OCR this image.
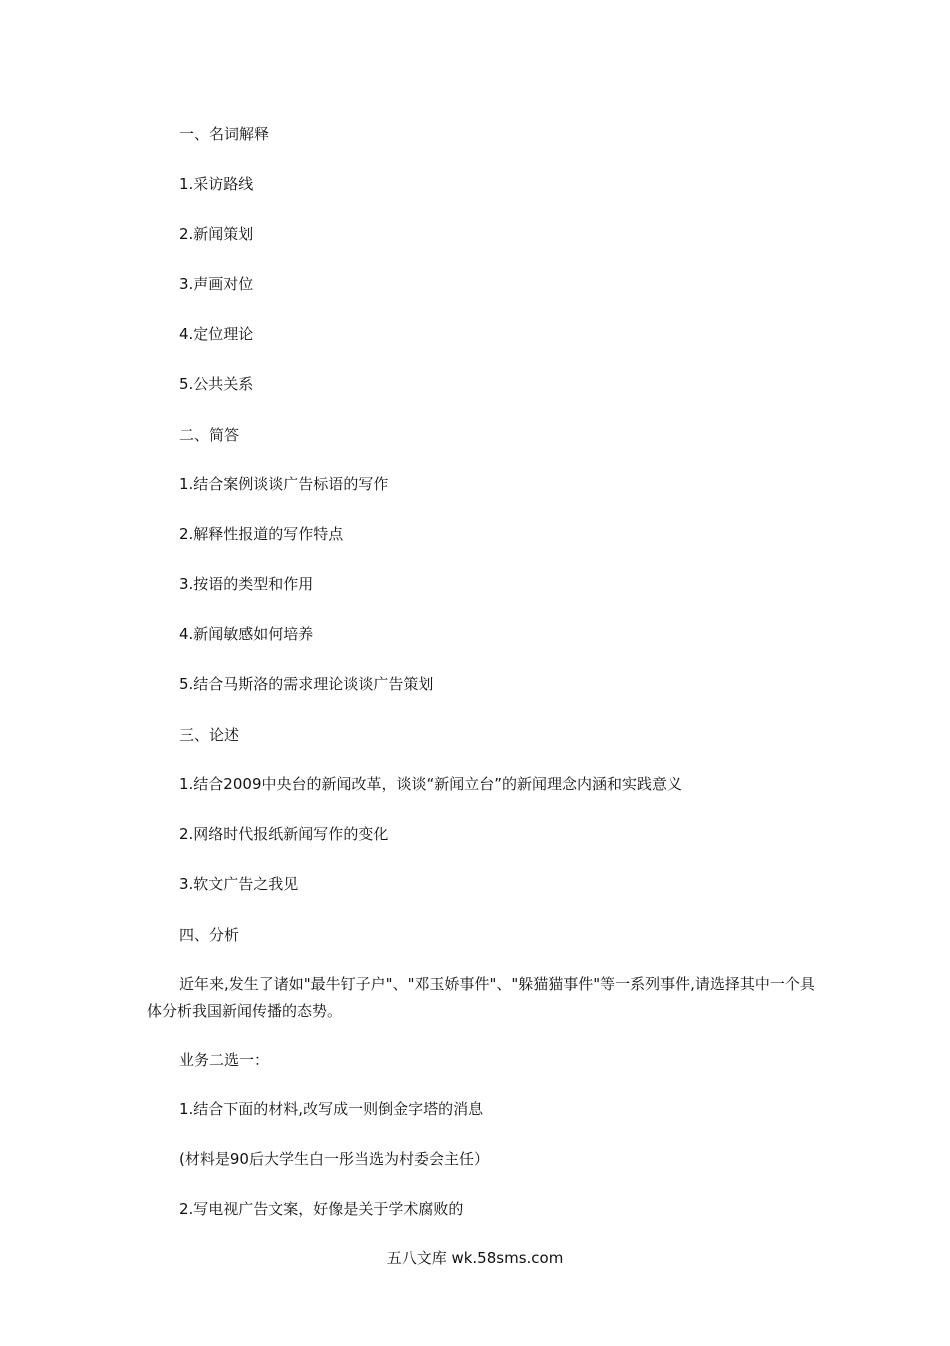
一、名词解释
1.采访路线
2.新闻策划
3.声画对位
4.定位理论
5.公共关系
二、简答
1.结合案例谈谈广告标语的写作
2.解释性报道的写作特点
3.按语的类型和作用
4.新闻敏感如何培养
5.结合马斯洛的需求理论谈谈广告策划
三、论述
1.结合2009中央台的新闻改革，谈谈“新闻立台”的新闻理念内涵和实践意义
2.网络时代报纸新闻写作的变化
3.软文广告之我见
四、分析
近年来,发生了诸如"最牛钉子户"、"邓玉娇事件"、"躲猫猫事件"等一系列事件,请选择其中一个具体分析我国新闻传播的态势。
业务二选一：
1.结合下面的材料,改写成一则倒金字塔的消息
(材料是90后大学生白一彤当选为村委会主任）
2.写电视广告文案，好像是关于学术腐败的
五八文库 wk.58sms.com
